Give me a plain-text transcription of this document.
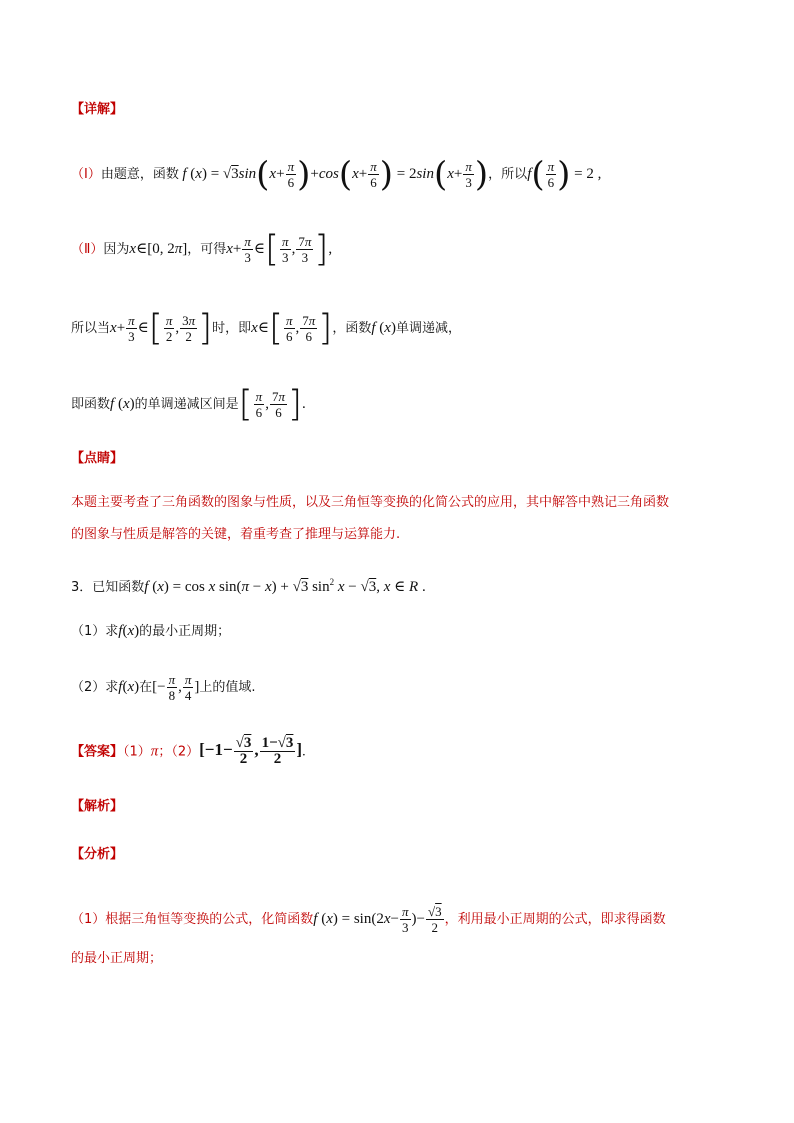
【详解】
（Ⅰ）由题意，函数 f $(x) = √3\sin(x+ \frac{\pi}{6} )+\cos(x+ \frac{\pi}{6}$ ) = $2\sin(x+ \frac{\pi}{3}$ )，所以$f( \frac{\pi}{6}$ ) = 2 ,
（Ⅱ）因为x∈[0, 2π]，可得$x+ \frac{\pi}{3}$ ∈[ $\frac{\pi}{3}$ , $\frac{7\pi}{3}$ ],
所以当$x+ \frac{\pi}{3}$ ∈[ $\frac{\pi}{2}$ , $\frac{3\pi}{2}$ ]时，即x∈[ $\frac{\pi}{6}$ , $\frac{7\pi}{6}$ ]，函数f (x)单调递减，
即函数f (x)的单调递减区间是[ $\frac{\pi}{6}$ , $\frac{7\pi}{6}$ ].
【点睛】
本题主要考查了三角函数的图象与性质，以及三角恒等变换的化简公式的应用，其中解答中熟记三角函数
的图象与性质是解答的关键，着重考查了推理与运算能力.
3．已知函数f (x) = cos x sin(π − x) + √3 $\sin^2 x - √3$, x ∈ R .
（1）求f(x)的最小正周期；
（2）求f(x)在[− $\frac{\pi}{8}$ , $\frac{\pi}{4}$ ]上的值域.
【答案】（1）π；$(2)[-1- \frac{√3}{2}$ , $\frac{1-√3}{2}$ ].
【解析】
【分析】
（1）根据三角恒等变换的公式，化简函数f $(x) = \sin(2x- \frac{\pi}{3}$ )− $\frac{√3}{2}$ ，利用最小正周期的公式，即求得函数
的最小正周期；
